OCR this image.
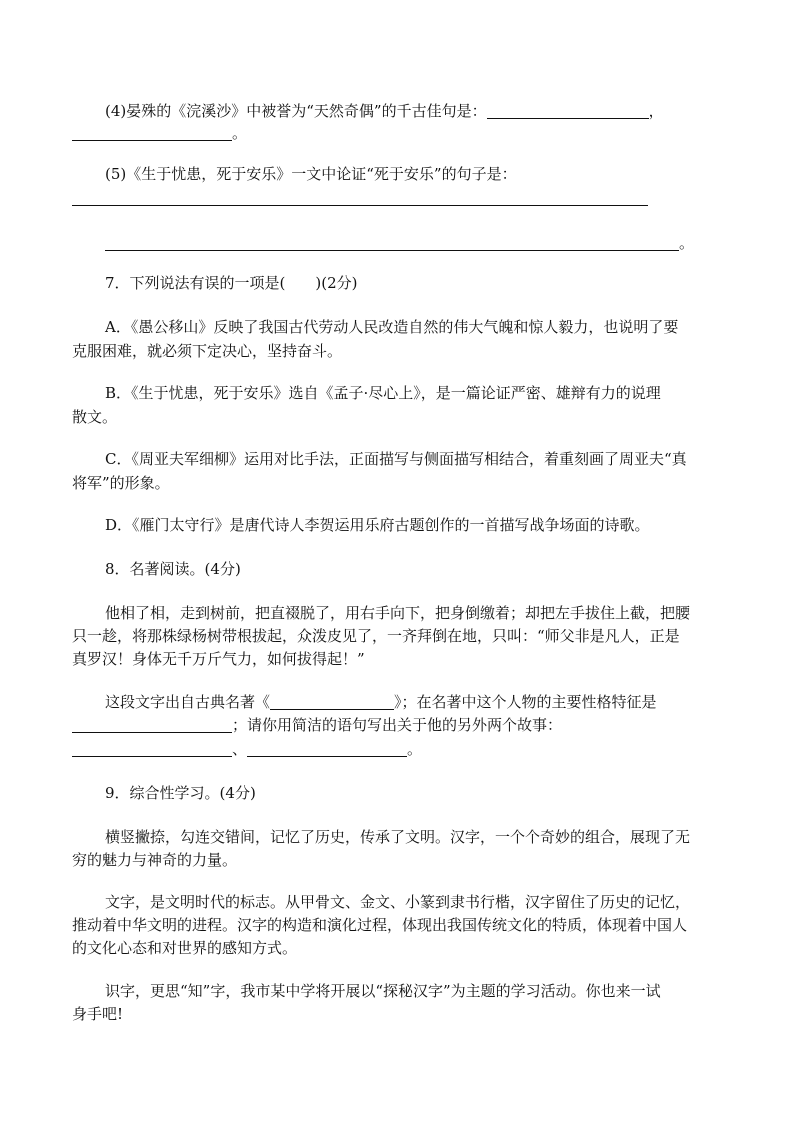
(4)晏殊的《浣溪沙》中被誉为“天然奇偶”的千古佳句是：	，
。
(5)《生于忧患，死于安乐》一文中论证“死于安乐”的句子是：
。
7．下列说法有误的一项是(　　)(2分)
A．《愚公移山》反映了我国古代劳动人民改造自然的伟大气魄和惊人毅力，也说明了要
克服困难，就必须下定决心，坚持奋斗。
B．《生于忧患，死于安乐》选自《孟子·尽心上》，是一篇论证严密、雄辩有力的说理
散文。
C．《周亚夫军细柳》运用对比手法，正面描写与侧面描写相结合，着重刻画了周亚夫“真
将军”的形象。
D．《雁门太守行》是唐代诗人李贺运用乐府古题创作的一首描写战争场面的诗歌。
8．名著阅读。(4分)
他相了相，走到树前，把直裰脱了，用右手向下，把身倒缴着；却把左手拔住上截，把腰
只一趁，将那株绿杨树带根拔起，众泼皮见了，一齐拜倒在地，只叫：“师父非是凡人，正是
真罗汉！身体无千万斤气力，如何拔得起！”
这段文字出自古典名著《	》；在名著中这个人物的主要性格特征是
；请你用简洁的语句写出关于他的另外两个故事：
、	。
9．综合性学习。(4分)
横竖撇捺，勾连交错间，记忆了历史，传承了文明。汉字，一个个奇妙的组合，展现了无
穷的魅力与神奇的力量。
文字，是文明时代的标志。从甲骨文、金文、小篆到隶书行楷，汉字留住了历史的记忆，
推动着中华文明的进程。汉字的构造和演化过程，体现出我国传统文化的特质，体现着中国人
的文化心态和对世界的感知方式。
识字，更思“知”字，我市某中学将开展以“探秘汉字”为主题的学习活动。你也来一试
身手吧!
